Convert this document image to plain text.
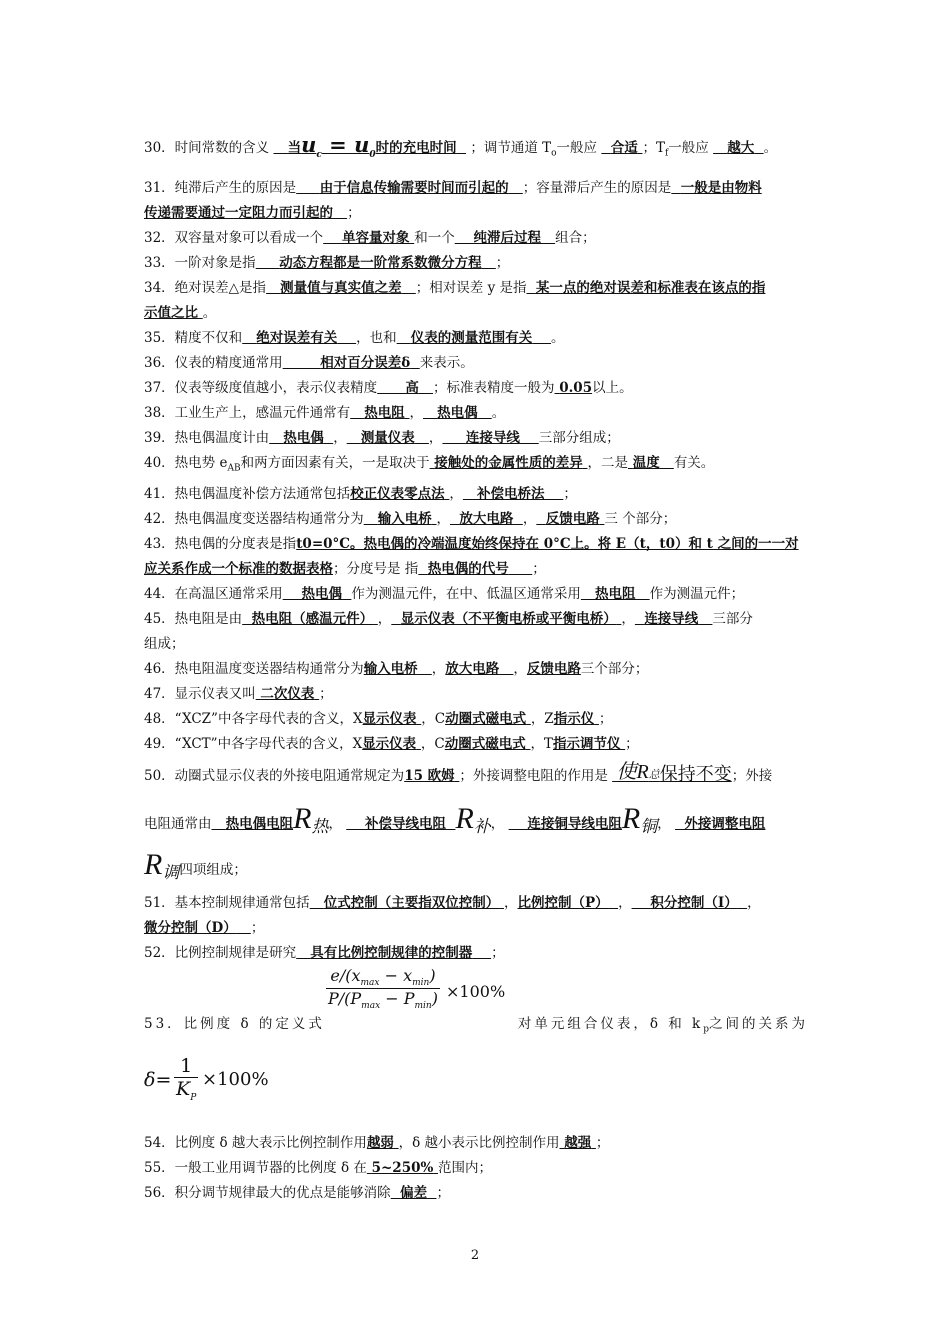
30．时间常数的含义 当$u_c = u_0$时的充电时间 ；调节通道 $T_o$一般应 合适 ；$T_f$一般应 越大 。

31．纯滞后产生的原因是 由于信息传输需要时间而引起的 ；容量滞后产生的原因是 一般是由物料
传递需要通过一定阻力而引起的 ；

32．双容量对象可以看成一个 单容量对象 和一个 纯滞后过程 组合；

33．一阶对象是指 动态方程都是一阶常系数微分方程 ；

34．绝对误差△是指 测量值与真实值之差 ；相对误差 y 是指 某一点的绝对误差和标准表在该点的指
示值之比 。

35．精度不仅和 绝对误差有关 ，也和 仪表的测量范围有关 。

36．仪表的精度通常用	相对百分误差δ 来表示。

37．仪表等级度值越小，表示仪表精度 高 ；标准表精度一般为 0.05以上。

38．工业生产上，感温元件通常有 热电阻 ， 热电偶 。

39．热电偶温度计由 热电偶 ， 测量仪表 ， 连接导线 三部分组成；

40．热电势 $e_{AB}$和两方面因素有关，一是取决于 接触处的金属性质的差异 ，二是 温度 有关。

41．热电偶温度补偿方法通常包括校正仪表零点法 ， 补偿电桥法 ；

42．热电偶温度变送器结构通常分为 输入电桥 ， 放大电路 ， 反馈电路 三 个部分；

43．热电偶的分度表是指t0=0°C。热电偶的冷端温度始终保持在 0°C上。将 E（t，t0）和 t 之间的一一对
应关系作成一个标准的数据表格；分度号是 指 热电偶的代号 ；

44．在高温区通常采用 热电偶 作为测温元件，在中、低温区通常采用 热电阻 作为测温元件；

45．热电阻是由 热电阻（感温元件） ， 显示仪表（不平衡电桥或平衡电桥） ， 连接导线 三部分
组成；

46．热电阻温度变送器结构通常分为输入电桥 ，放大电路 ，反馈电路三个部分；

47．显示仪表又叫 二次仪表 ；

48．“XCZ”中各字母代表的含义，X显示仪表 ，C动圈式磁电式 ，Z指示仪 ；

49．“XCT”中各字母代表的含义，X显示仪表 ，C动圈式磁电式 ，T指示调节仪 ；

50．动圈式显示仪表的外接电阻通常规定为15 欧姆 ；外接调整电阻的作用是 使R总保持不变；外接

电阻通常由 热电偶电阻R热， 补偿导线电阻 R补， 连接铜导线电阻R铜， 外接调整电阻

R调四项组成；

51．基本控制规律通常包括 位式控制（主要指双位控制） ，比例控制（P） ， 积分控制（I） ，
微分控制（D） ；

52．比例控制规律是研究 具有比例控制规律的控制器 ；

$e/(x_{max} - x_{min})$
$P/(P_{max} - P_{min}) \times 100\%$

53．比例度 δ 的定义式	对单元组合仪表，δ 和 $k_p$之间的关系为

$\delta= \frac{1}{K_P} \times 100\%$

54．比例度 δ 越大表示比例控制作用越弱 ，δ 越小表示比例控制作用 越强 ；

55．一般工业用调节器的比例度 δ 在 5~250% 范围内；

56．积分调节规律最大的优点是能够消除 偏差 ；

2
